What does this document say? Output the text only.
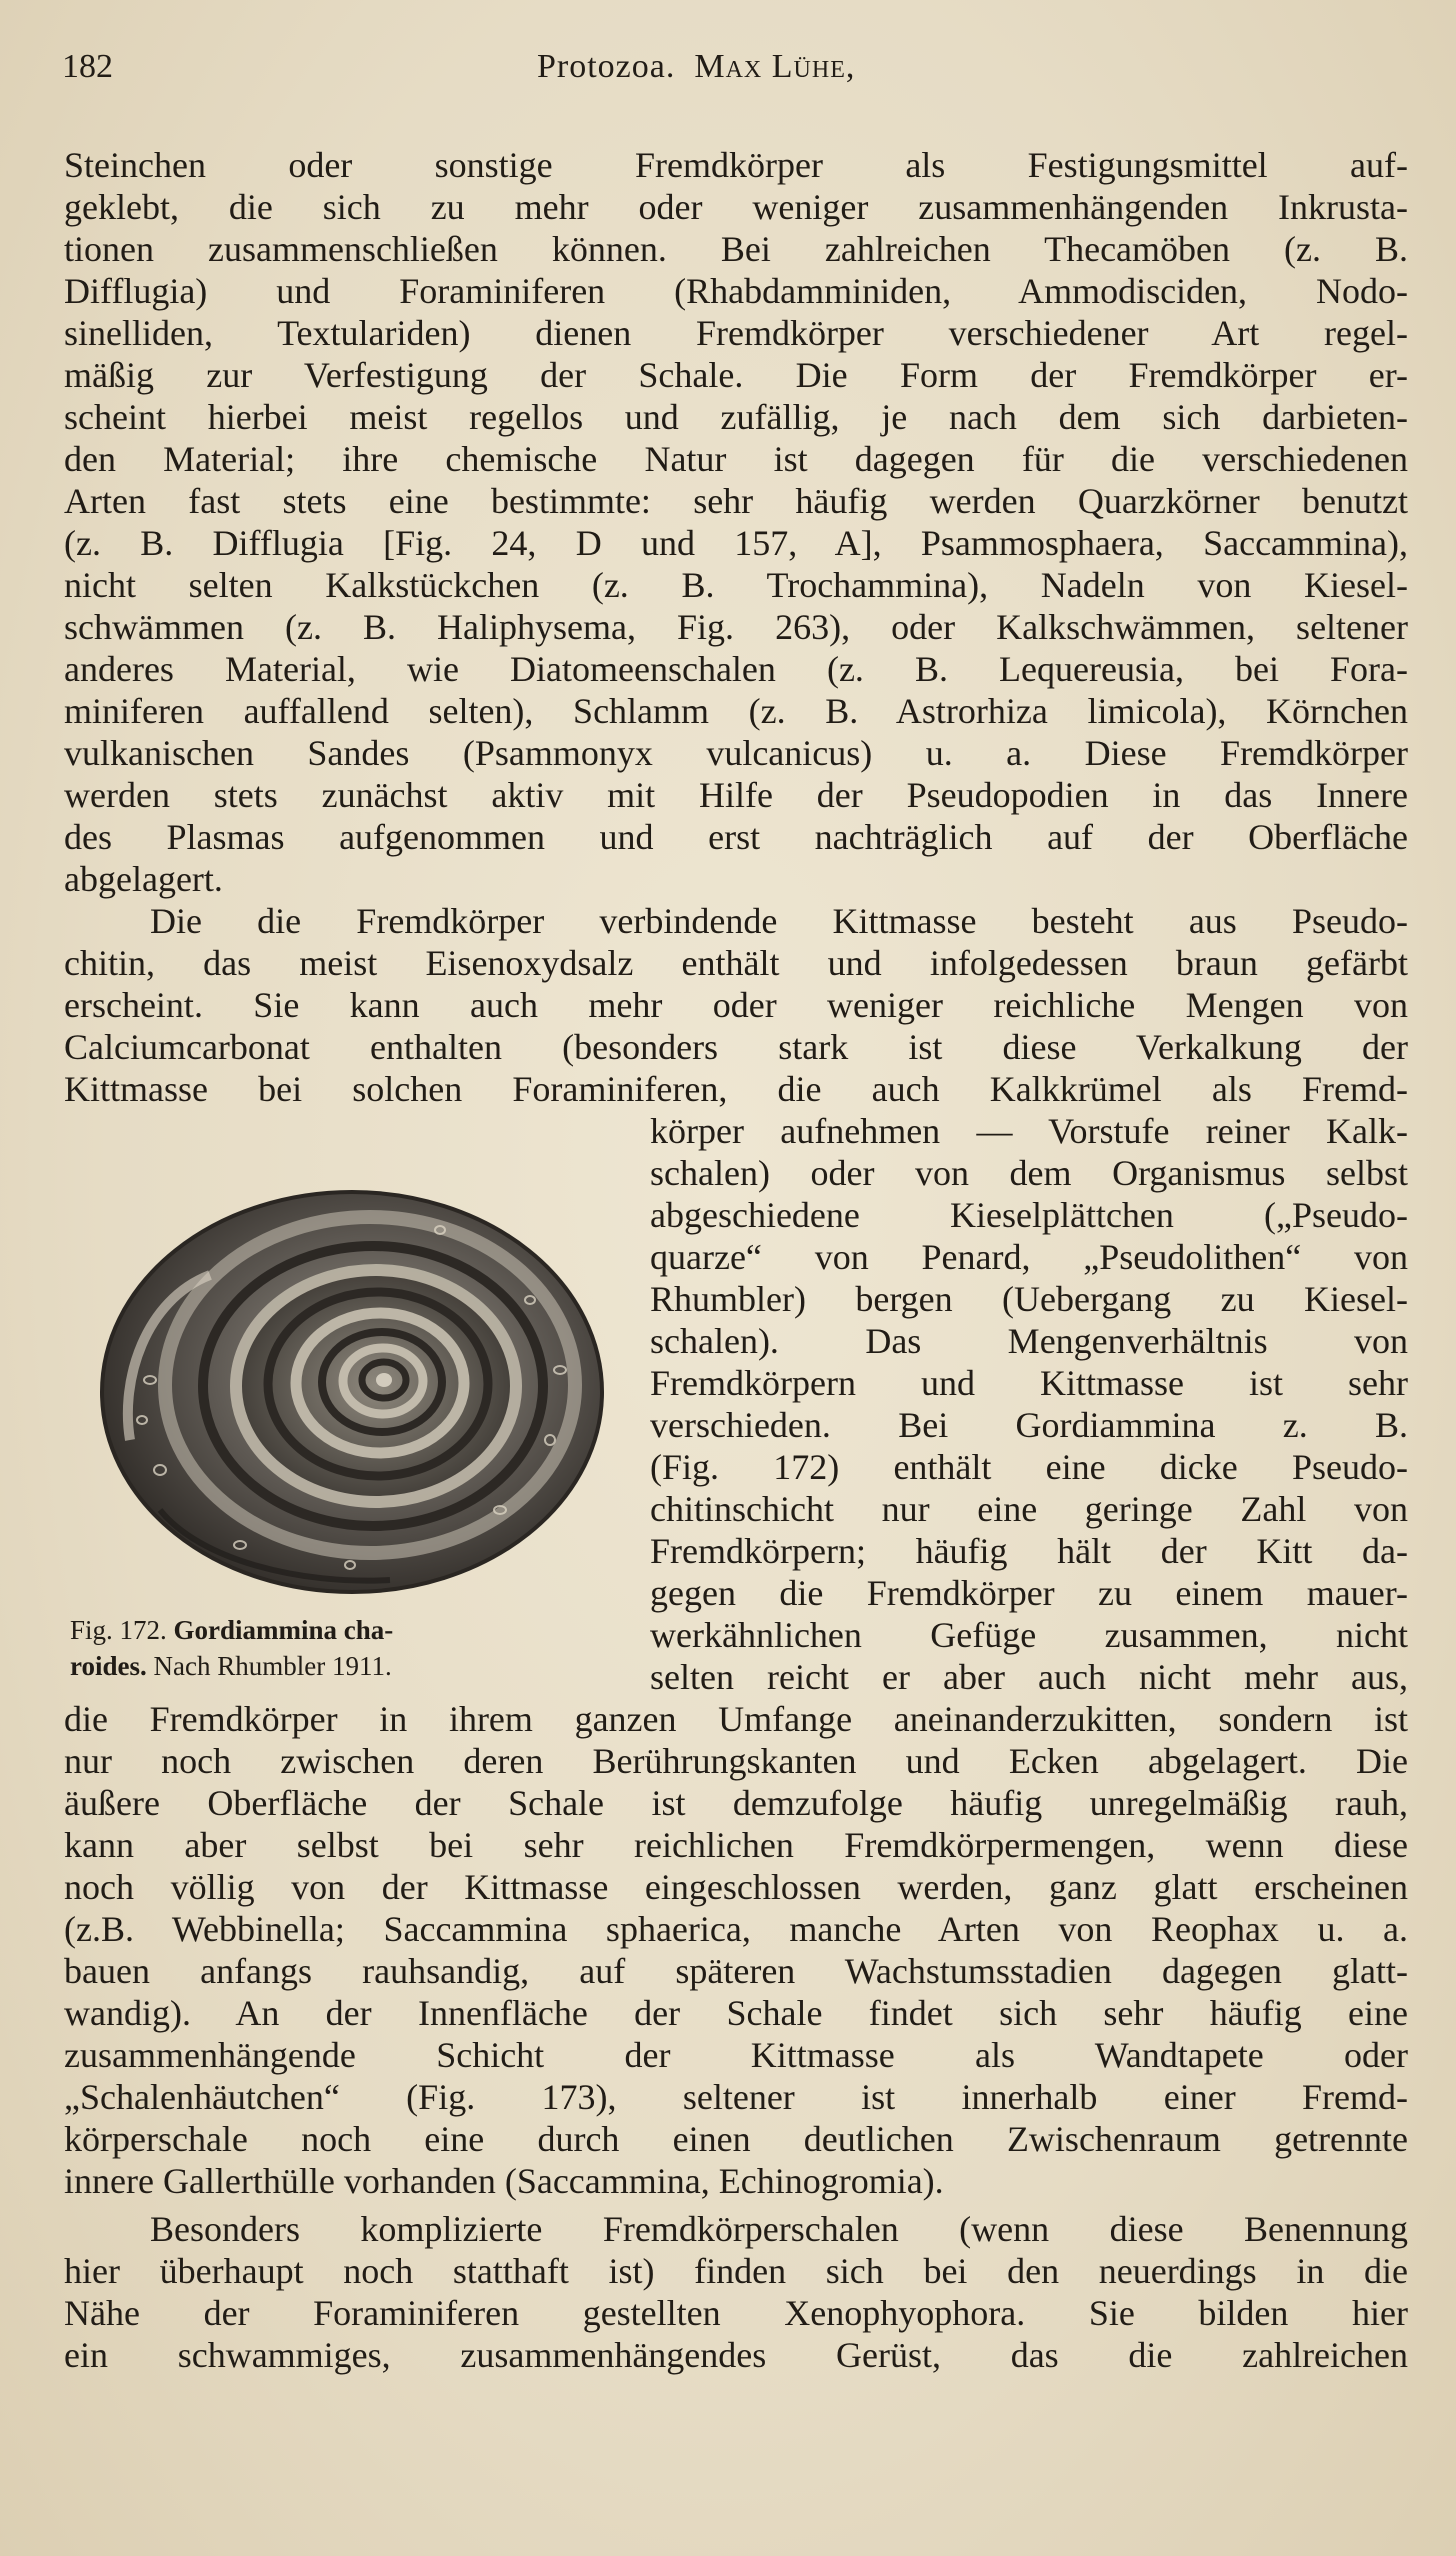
182	Protozoa. Max Lühe,
Steinchen oder sonstige Fremdkörper als Festigungsmittel auf-
geklebt, die sich zu mehr oder weniger zusammenhängenden Inkrusta-
tionen zusammenschließen können. Bei zahlreichen Thecamöben (z. B.
Difflugia) und Foraminiferen (Rhabdamminiden, Ammodisciden, Nodo-
sinelliden, Textulariden) dienen Fremdkörper verschiedener Art regel-
mäßig zur Verfestigung der Schale. Die Form der Fremdkörper er-
scheint hierbei meist regellos und zufällig, je nach dem sich darbieten-
den Material; ihre chemische Natur ist dagegen für die verschiedenen
Arten fast stets eine bestimmte: sehr häufig werden Quarzkörner benutzt
(z. B. Difflugia [Fig. 24, D und 157, A], Psammosphaera, Saccammina),
nicht selten Kalkstückchen (z. B. Trochammina), Nadeln von Kiesel-
schwämmen (z. B. Haliphysema, Fig. 263), oder Kalkschwämmen, seltener
anderes Material, wie Diatomeenschalen (z. B. Lequereusia, bei Fora-
miniferen auffallend selten), Schlamm (z. B. Astrorhiza limicola), Körnchen
vulkanischen Sandes (Psammonyx vulcanicus) u. a. Diese Fremdkörper
werden stets zunächst aktiv mit Hilfe der Pseudopodien in das Innere
des Plasmas aufgenommen und erst nachträglich auf der Oberfläche
abgelagert.
Die die Fremdkörper verbindende Kittmasse besteht aus Pseudo-
chitin, das meist Eisenoxydsalz enthält und infolgedessen braun gefärbt
erscheint. Sie kann auch mehr oder weniger reichliche Mengen von
Calciumcarbonat enthalten (besonders stark ist diese Verkalkung der
Kittmasse bei solchen Foraminiferen, die auch Kalkkrümel als Fremd-
körper aufnehmen — Vorstufe reiner Kalk-
schalen) oder von dem Organismus selbst
abgeschiedene Kieselplättchen („Pseudo-
quarze“ von Penard, „Pseudolithen“ von
Rhumbler) bergen (Uebergang zu Kiesel-
schalen). Das Mengenverhältnis von
Fremdkörpern und Kittmasse ist sehr
verschieden. Bei Gordiammina z. B.
(Fig. 172) enthält eine dicke Pseudo-
chitinschicht nur eine geringe Zahl von
Fremdkörpern; häufig hält der Kitt da-
gegen die Fremdkörper zu einem mauer-
werkähnlichen Gefüge zusammen, nicht
selten reicht er aber auch nicht mehr aus,
Fig. 172. Gordiammina cha-
roides. Nach Rhumbler 1911.
die Fremdkörper in ihrem ganzen Umfange aneinanderzukitten, sondern ist
nur noch zwischen deren Berührungskanten und Ecken abgelagert. Die
äußere Oberfläche der Schale ist demzufolge häufig unregelmäßig rauh,
kann aber selbst bei sehr reichlichen Fremdkörpermengen, wenn diese
noch völlig von der Kittmasse eingeschlossen werden, ganz glatt erscheinen
(z.B. Webbinella; Saccammina sphaerica, manche Arten von Reophax u. a.
bauen anfangs rauhsandig, auf späteren Wachstumsstadien dagegen glatt-
wandig). An der Innenfläche der Schale findet sich sehr häufig eine
zusammenhängende Schicht der Kittmasse als Wandtapete oder
„Schalenhäutchen“ (Fig. 173), seltener ist innerhalb einer Fremd-
körperschale noch eine durch einen deutlichen Zwischenraum getrennte
innere Gallerthülle vorhanden (Saccammina, Echinogromia).
Besonders komplizierte Fremdkörperschalen (wenn diese Benennung
hier überhaupt noch statthaft ist) finden sich bei den neuerdings in die
Nähe der Foraminiferen gestellten Xenophyophora. Sie bilden hier
ein schwammiges, zusammenhängendes Gerüst, das die zahlreichen
